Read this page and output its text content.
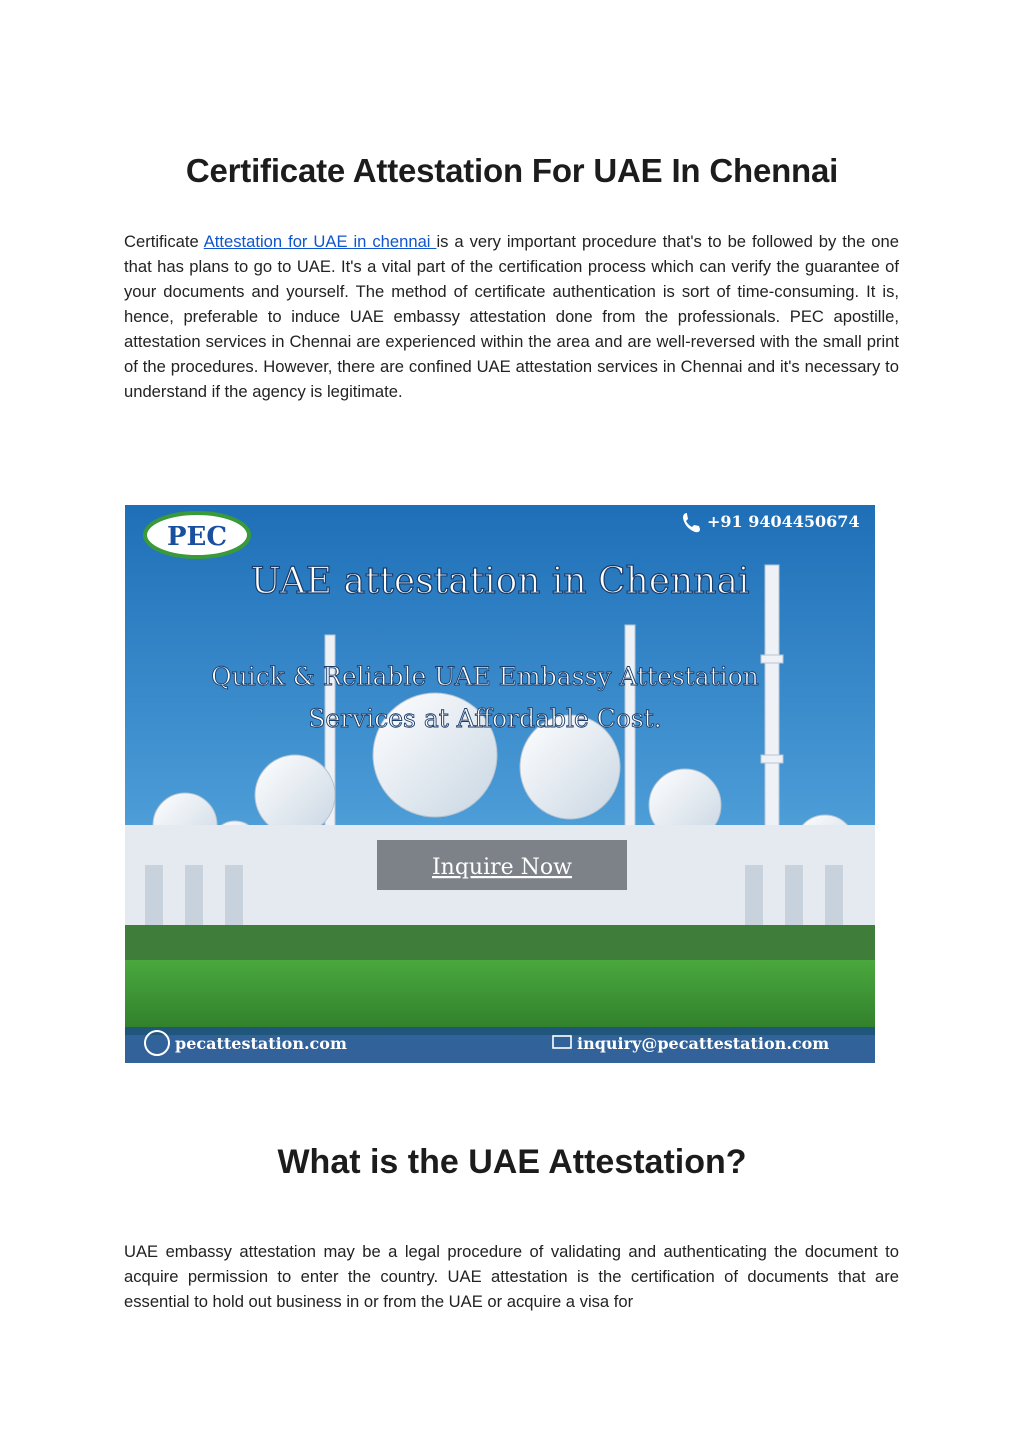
Certificate Attestation For UAE In Chennai

Certificate Attestation for UAE in chennai is a very important procedure that's to be followed by the one that has plans to go to UAE. It's a vital part of the certification process which can verify the guarantee of your documents and yourself. The method of certificate authentication is sort of time-consuming. It is, hence, preferable to induce UAE embassy attestation done from the professionals. PEC apostille, attestation services in Chennai are experienced within the area and are well-reversed with the small print of the procedures. However, there are confined UAE attestation services in Chennai and it's necessary to understand if the agency is legitimate.

PEC
+91 9404450674
UAE attestation in Chennai
Quick & Reliable UAE Embassy Attestation
Services at Affordable Cost.
Inquire Now
pecattestation.com	inquiry@pecattestation.com
What is the UAE Attestation?

UAE embassy attestation may be a legal procedure of validating and authenticating the document to acquire permission to enter the country. UAE attestation is the certification of documents that are essential to hold out business in or from the UAE or acquire a visa for
